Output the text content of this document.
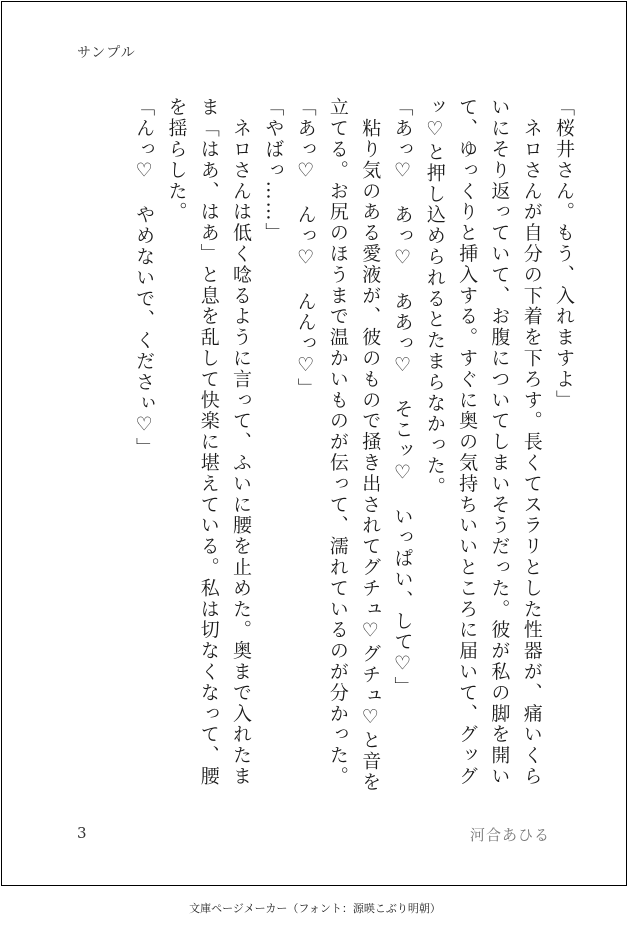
サンプル

「桜井さん。もう、入れますよ」

　ネロさんが自分の下着を下ろす。長くてスラリとした性器が、痛いくらいにそり返っていて、お腹についてしまいそうだった。彼が私の脚を開いて、ゆっくりと挿入する。すぐに奥の気持ちいいところに届いて、グッグッ♡と押し込められるとたまらなかった。

「あっ♡　あっ♡　ああっ♡　そこッ♡　いっぱい、して♡」

　粘り気のある愛液が、彼のもので掻き出されてグチュ♡グチュ♡と音を立てる。お尻のほうまで温かいものが伝って、濡れているのが分かった。

「あっ♡　んっ♡　んんっ♡」

「やばっ……」

　ネロさんは低く唸るように言って、ふいに腰を止めた。奥まで入れたまま「はあ、はあ」と息を乱して快楽に堪えている。私は切なくなって、腰を揺らした。

「んっ♡　やめないで、くださぃ♡」

3	河合あひる
文庫ページメーカー（フォント：源暎こぶり明朝）
